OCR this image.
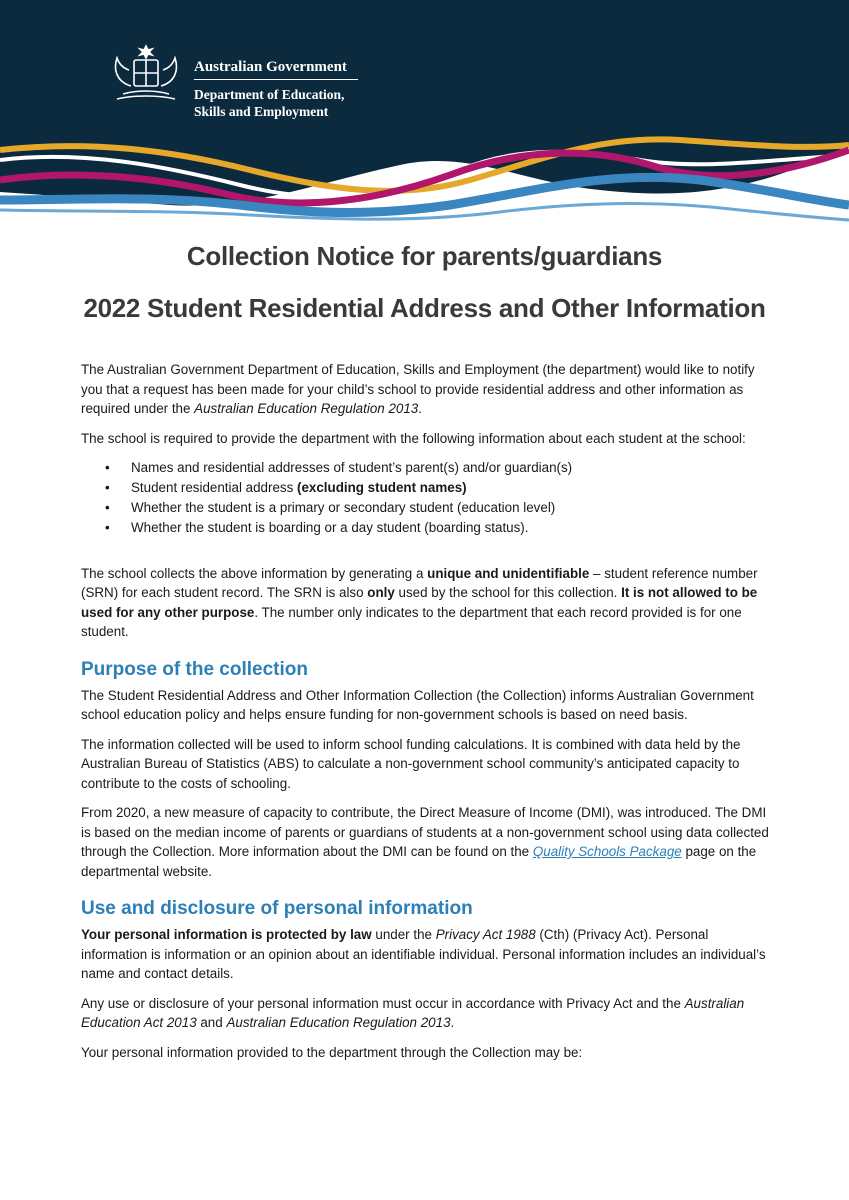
Australian Government
Department of Education,
Skills and Employment
Collection Notice for parents/guardians
2022 Student Residential Address and Other Information

The Australian Government Department of Education, Skills and Employment (the department) would like to notify you that a request has been made for your child’s school to provide residential address and other information as required under the Australian Education Regulation 2013.

The school is required to provide the department with the following information about each student at the school:

• Names and residential addresses of student’s parent(s) and/or guardian(s)
• Student residential address (excluding student names)
• Whether the student is a primary or secondary student (education level)
• Whether the student is boarding or a day student (boarding status).

The school collects the above information by generating a unique and unidentifiable – student reference number (SRN) for each student record. The SRN is also only used by the school for this collection. It is not allowed to be used for any other purpose. The number only indicates to the department that each record provided is for one student.

Purpose of the collection

The Student Residential Address and Other Information Collection (the Collection) informs Australian Government school education policy and helps ensure funding for non-government schools is based on need basis.

The information collected will be used to inform school funding calculations. It is combined with data held by the Australian Bureau of Statistics (ABS) to calculate a non-government school community’s anticipated capacity to contribute to the costs of schooling.

From 2020, a new measure of capacity to contribute, the Direct Measure of Income (DMI), was introduced. The DMI is based on the median income of parents or guardians of students at a non-government school using data collected through the Collection. More information about the DMI can be found on the Quality Schools Package page on the departmental website.

Use and disclosure of personal information

Your personal information is protected by law under the Privacy Act 1988 (Cth) (Privacy Act). Personal information is information or an opinion about an identifiable individual. Personal information includes an individual’s name and contact details.

Any use or disclosure of your personal information must occur in accordance with Privacy Act and the Australian Education Act 2013 and Australian Education Regulation 2013.

Your personal information provided to the department through the Collection may be:
